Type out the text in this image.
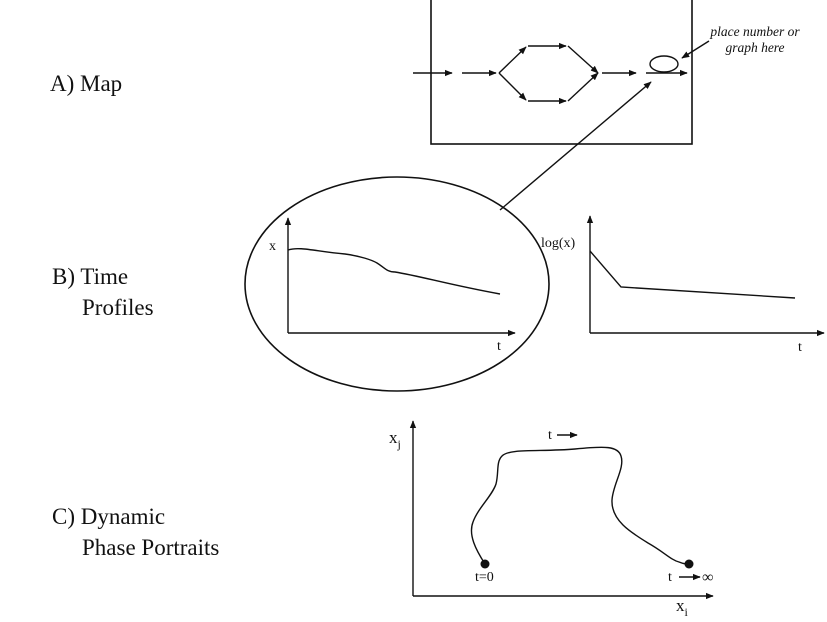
A) Map
B) Time
Profiles
C) Dynamic
Phase Portraits
place number or
graph here
x
t
log(x)
t
$x_j$
$x_i$
t
t=0	t ∞
